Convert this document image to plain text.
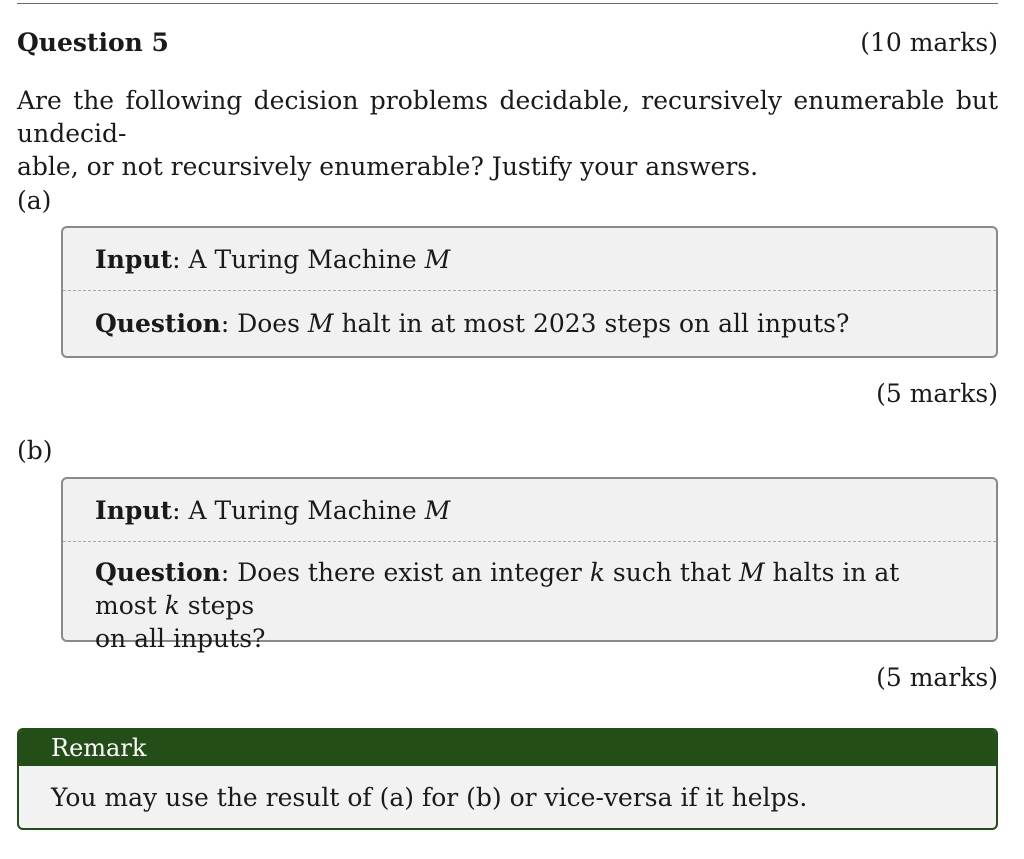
Question 5	(10 marks)
Are the following decision problems decidable, recursively enumerable but undecid-
able, or not recursively enumerable? Justify your answers.
(a)
Input: A Turing Machine M
Question: Does M halt in at most 2023 steps on all inputs?
(5 marks)
(b)
Input: A Turing Machine M
Question: Does there exist an integer k such that M halts in at most k steps
on all inputs?
(5 marks)
Remark
You may use the result of (a) for (b) or vice-versa if it helps.
